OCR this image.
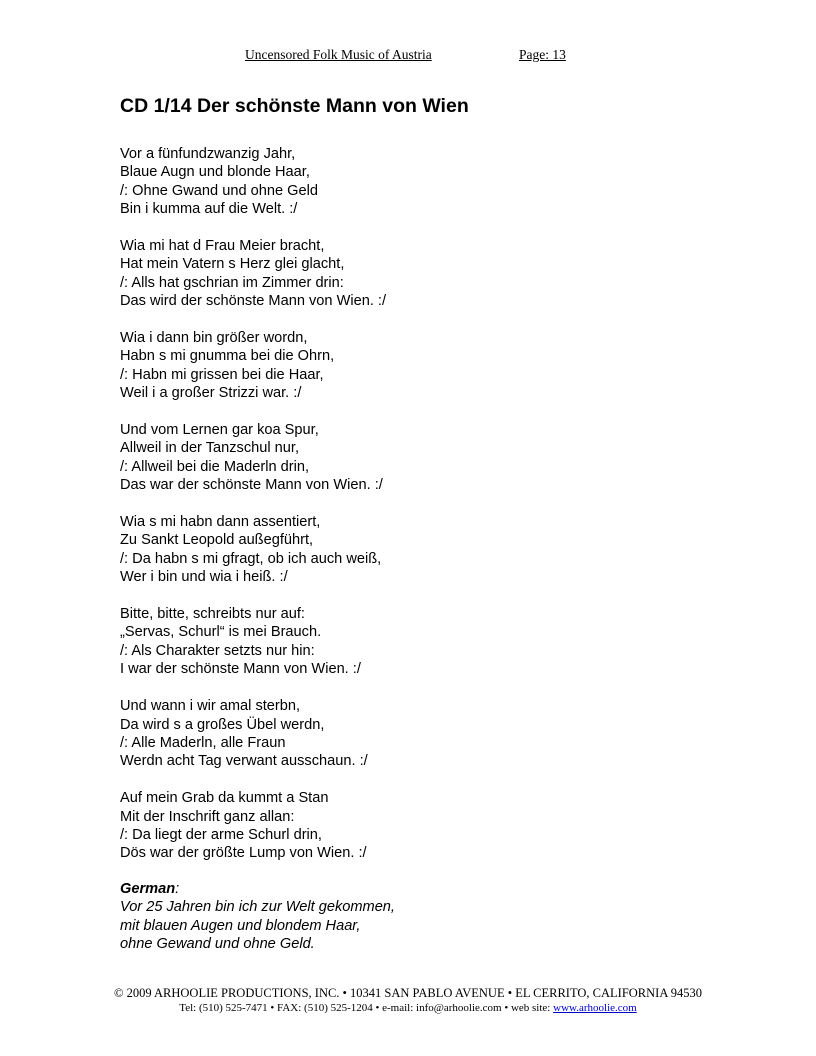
Uncensored Folk Music of Austria	Page: 13
CD 1/14 Der schönste Mann von Wien
Vor a fünfundzwanzig Jahr,
Blaue Augn und blonde Haar,
/: Ohne Gwand und ohne Geld
Bin i kumma auf die Welt. :/
Wia mi hat d Frau Meier bracht,
Hat mein Vatern s Herz glei glacht,
/: Alls hat gschrian im Zimmer drin:
Das wird der schönste Mann von Wien. :/
Wia i dann bin größer wordn,
Habn s mi gnumma bei die Ohrn,
/: Habn mi grissen bei die Haar,
Weil i a großer Strizzi war. :/
Und vom Lernen gar koa Spur,
Allweil in der Tanzschul nur,
/: Allweil bei die Maderln drin,
Das war der schönste Mann von Wien. :/
Wia s mi habn dann assentiert,
Zu Sankt Leopold außegführt,
/: Da habn s mi gfragt, ob ich auch weiß,
Wer i bin und wia i heiß. :/
Bitte, bitte, schreibts nur auf:
„Servas, Schurl“ is mei Brauch.
/: Als Charakter setzts nur hin:
I war der schönste Mann von Wien. :/
Und wann i wir amal sterbn,
Da wird s a großes Übel werdn,
/: Alle Maderln, alle Fraun
Werdn acht Tag verwant ausschaun. :/
Auf mein Grab da kummt a Stan
Mit der Inschrift ganz allan:
/: Da liegt der arme Schurl drin,
Dös war der größte Lump von Wien. :/
German:
Vor 25 Jahren bin ich zur Welt gekommen,
mit blauen Augen und blondem Haar,
ohne Gewand und ohne Geld.
© 2009 ARHOOLIE PRODUCTIONS, INC. • 10341 SAN PABLO AVENUE • EL CERRITO, CALIFORNIA 94530
Tel: (510) 525-7471 • FAX: (510) 525-1204 • e-mail: info@arhoolie.com • web site: www.arhoolie.com
